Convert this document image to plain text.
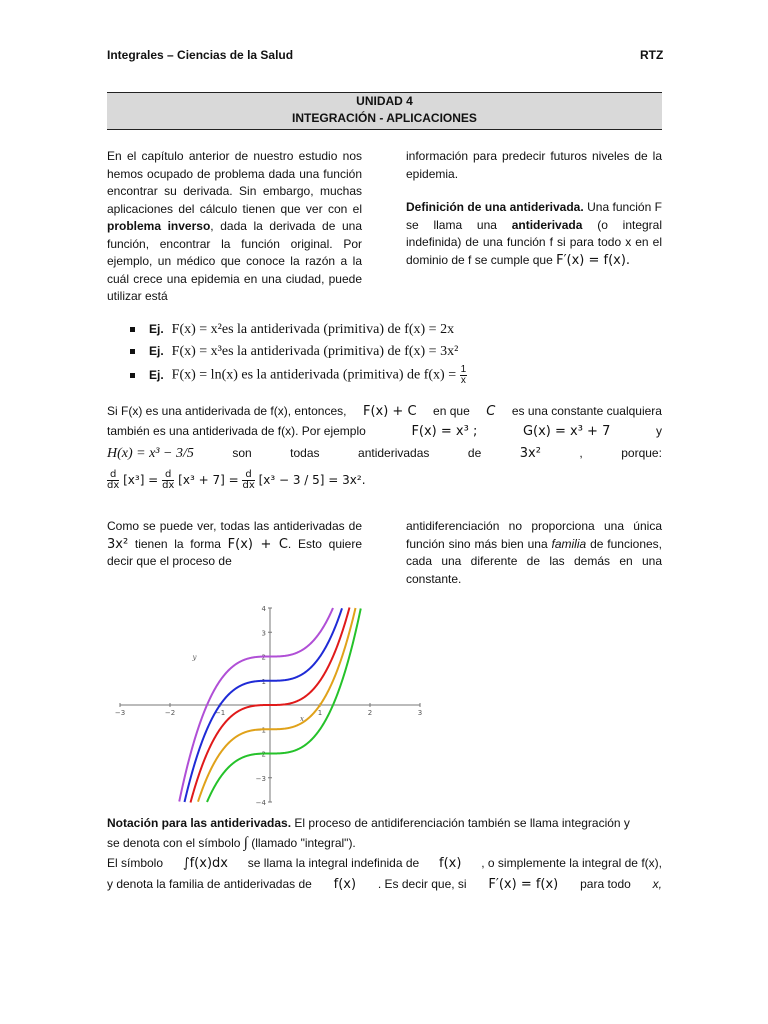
Integrales – Ciencias de la Salud	RTZ
UNIDAD 4
INTEGRACIÓN - APLICACIONES
En el capítulo anterior de nuestro estudio nos hemos ocupado de problema dada una función encontrar su derivada. Sin embargo, muchas aplicaciones del cálculo tienen que ver con el problema inverso, dada la derivada de una función, encontrar la función original. Por ejemplo, un médico que conoce la razón a la cuál crece una epidemia en una ciudad, puede utilizar está

información para predecir futuros niveles de la epidemia.

Definición de una antiderivada. Una función F se llama una antiderivada (o integral indefinida) de una función f si para todo x en el dominio de f se cumple que F′(x) = f(x).

Ej. F(x) = x²es la antiderivada (primitiva) de f(x) = 2x
Ej. F(x) = x³es la antiderivada (primitiva) de f(x) = 3x²
Ej. F(x) = ln(x) es la antiderivada (primitiva) de $f(x) = \frac{1}{x}$
Si F(x) es una antiderivada de f(x), entonces, F(x) + C en que C es una constante cualquiera
también es una antiderivada de f(x). Por ejemplo	F(x) = x³ ;	G(x) = x³ + 7	y
H(x) = x³ − 3/5	son	todas	antiderivadas	de	3x²	,	porque:
$\frac{d}{dx} [x^3] = \frac{d}{dx} [x^3 + 7] = \frac{d}{dx} [x^3 - 3 / 5] = 3x^2$.
Como se puede ver, todas las antiderivadas de 3x² tienen la forma F(x) + C. Esto quiere decir que el proceso de
antidiferenciación no proporciona una única función sino más bien una familia de funciones, cada una diferente de las demás en una constante.
−3	−2	−1	1	2	3
4
3
2
1
−1
−2
−3
−4
x
y
Notación para las antiderivadas. El proceso de antidiferenciación también se llama integración y
se denota con el símbolo ∫ (llamado "integral").
El símbolo ∫f(x)dx se llama la integral indefinida de f(x) , o simplemente la integral de f(x),
y denota la familia de antiderivadas de f(x) . Es decir que, si F′(x) = f(x) para todo x,
